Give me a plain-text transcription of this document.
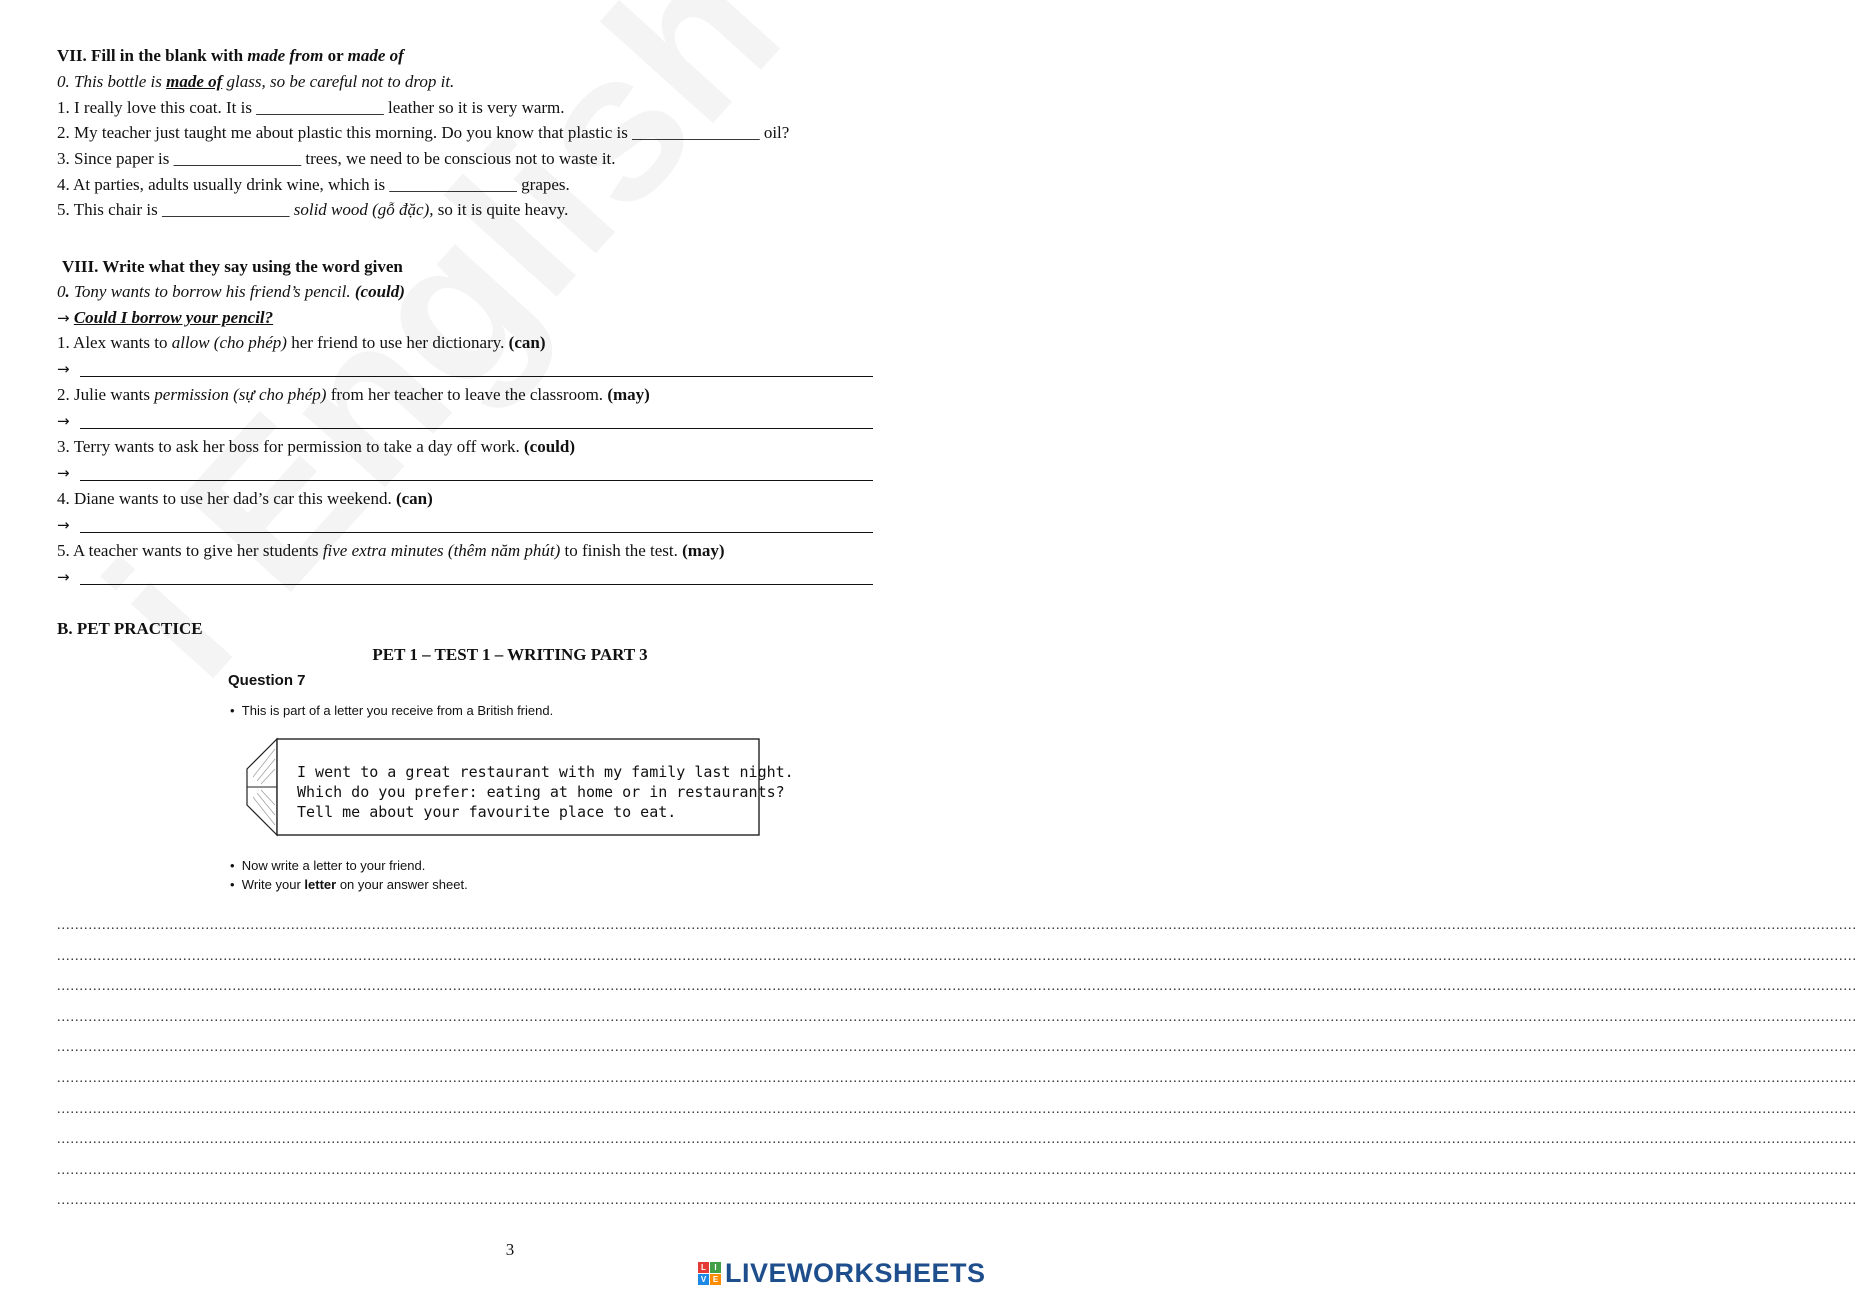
VII. Fill in the blank with made from or made of
0. This bottle is made of glass, so be careful not to drop it.
1. I really love this coat. It is _______________ leather so it is very warm.
2. My teacher just taught me about plastic this morning. Do you know that plastic is _______________ oil?
3. Since paper is _______________ trees, we need to be conscious not to waste it.
4. At parties, adults usually drink wine, which is _______________ grapes.
5. This chair is _______________ solid wood (gỗ đặc), so it is quite heavy.
VIII. Write what they say using the word given
0. Tony wants to borrow his friend’s pencil. (could)
→ Could I borrow your pencil?
1. Alex wants to allow (cho phép) her friend to use her dictionary. (can)
→
2. Julie wants permission (sự cho phép) from her teacher to leave the classroom. (may)
→
3. Terry wants to ask her boss for permission to take a day off work. (could)
→
4. Diane wants to use her dad’s car this weekend. (can)
→
5. A teacher wants to give her students five extra minutes (thêm năm phút) to finish the test. (may)
→
B. PET PRACTICE
PET 1 – TEST 1 – WRITING PART 3
Question 7
• This is part of a letter you receive from a British friend.
I went to a great restaurant with my family last night.
Which do you prefer: eating at home or in restaurants?
Tell me about your favourite place to eat.
• Now write a letter to your friend.
• Write your letter on your answer sheet.
................................................................................................................................................................................................................................................................................................................................................................................................................
................................................................................................................................................................................................................................................................................................................................................................................................................
................................................................................................................................................................................................................................................................................................................................................................................................................
................................................................................................................................................................................................................................................................................................................................................................................................................
................................................................................................................................................................................................................................................................................................................................................................................................................
................................................................................................................................................................................................................................................................................................................................................................................................................
................................................................................................................................................................................................................................................................................................................................................................................................................
................................................................................................................................................................................................................................................................................................................................................................................................................
................................................................................................................................................................................................................................................................................................................................................................................................................
................................................................................................................................................................................................................................................................................................................................................................................................................
3
L	I
V E LIVEWORKSHEETS
